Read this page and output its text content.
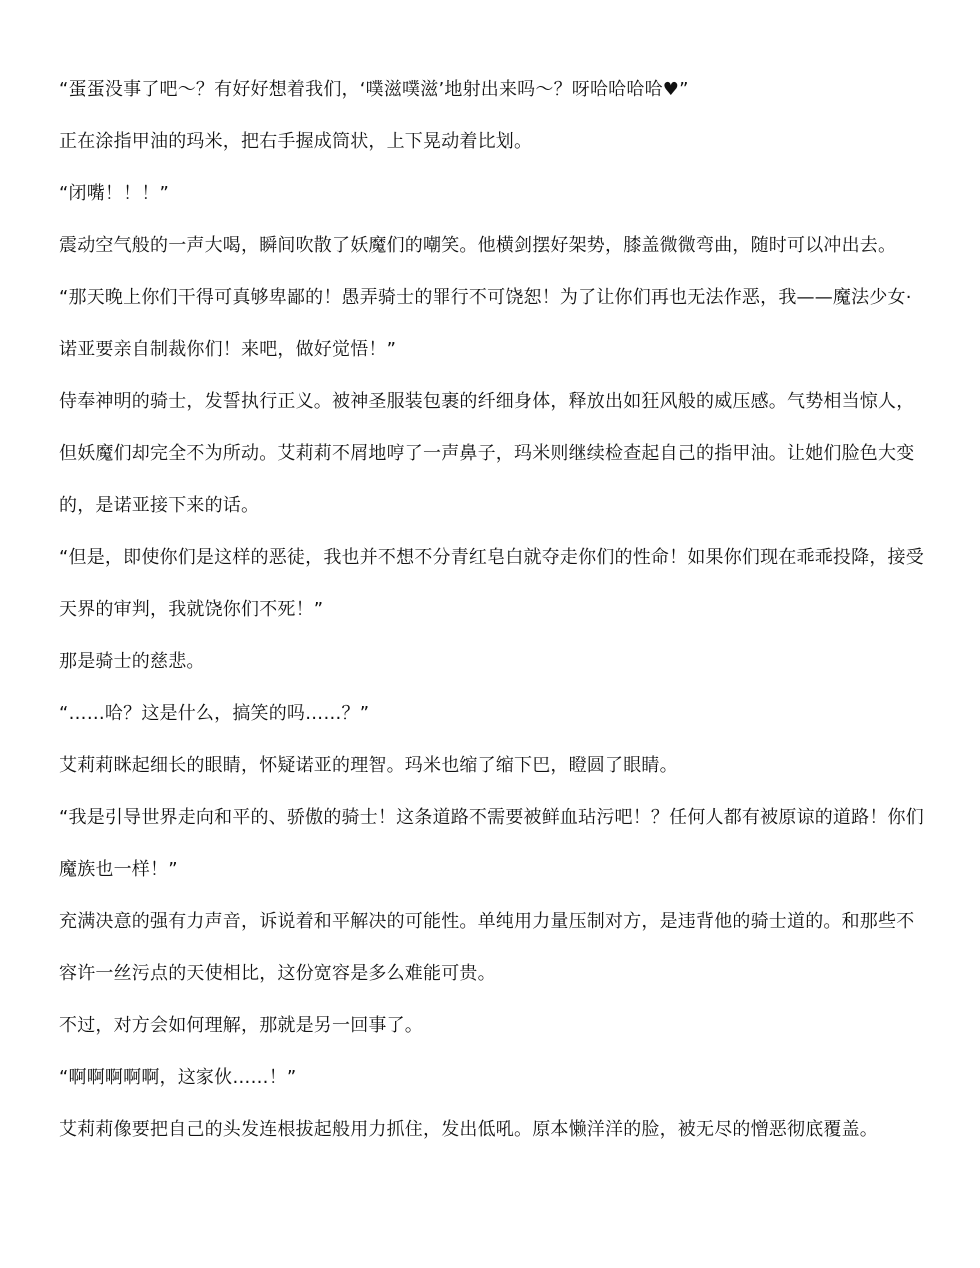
“蛋蛋没事了吧～？有好好想着我们，‘噗滋噗滋’地射出来吗～？呀哈哈哈哈♥”

正在涂指甲油的玛米，把右手握成筒状，上下晃动着比划。

“闭嘴！！！”

震动空气般的一声大喝，瞬间吹散了妖魔们的嘲笑。他横剑摆好架势，膝盖微微弯曲，随时可以冲出去。

“那天晚上你们干得可真够卑鄙的！愚弄骑士的罪行不可饶恕！为了让你们再也无法作恶，我——魔法少女·诺亚要亲自制裁你们！来吧，做好觉悟！”

侍奉神明的骑士，发誓执行正义。被神圣服装包裹的纤细身体，释放出如狂风般的威压感。气势相当惊人，但妖魔们却完全不为所动。艾莉莉不屑地哼了一声鼻子，玛米则继续检查起自己的指甲油。让她们脸色大变的，是诺亚接下来的话。

“但是，即使你们是这样的恶徒，我也并不想不分青红皂白就夺走你们的性命！如果你们现在乖乖投降，接受天界的审判，我就饶你们不死！”

那是骑士的慈悲。

“……哈？这是什么，搞笑的吗……？”

艾莉莉眯起细长的眼睛，怀疑诺亚的理智。玛米也缩了缩下巴，瞪圆了眼睛。

“我是引导世界走向和平的、骄傲的骑士！这条道路不需要被鲜血玷污吧！？任何人都有被原谅的道路！你们魔族也一样！”

充满决意的强有力声音，诉说着和平解决的可能性。单纯用力量压制对方，是违背他的骑士道的。和那些不容许一丝污点的天使相比，这份宽容是多么难能可贵。

不过，对方会如何理解，那就是另一回事了。

“啊啊啊啊啊，这家伙……！”

艾莉莉像要把自己的头发连根拔起般用力抓住，发出低吼。原本懒洋洋的脸，被无尽的憎恶彻底覆盖。
